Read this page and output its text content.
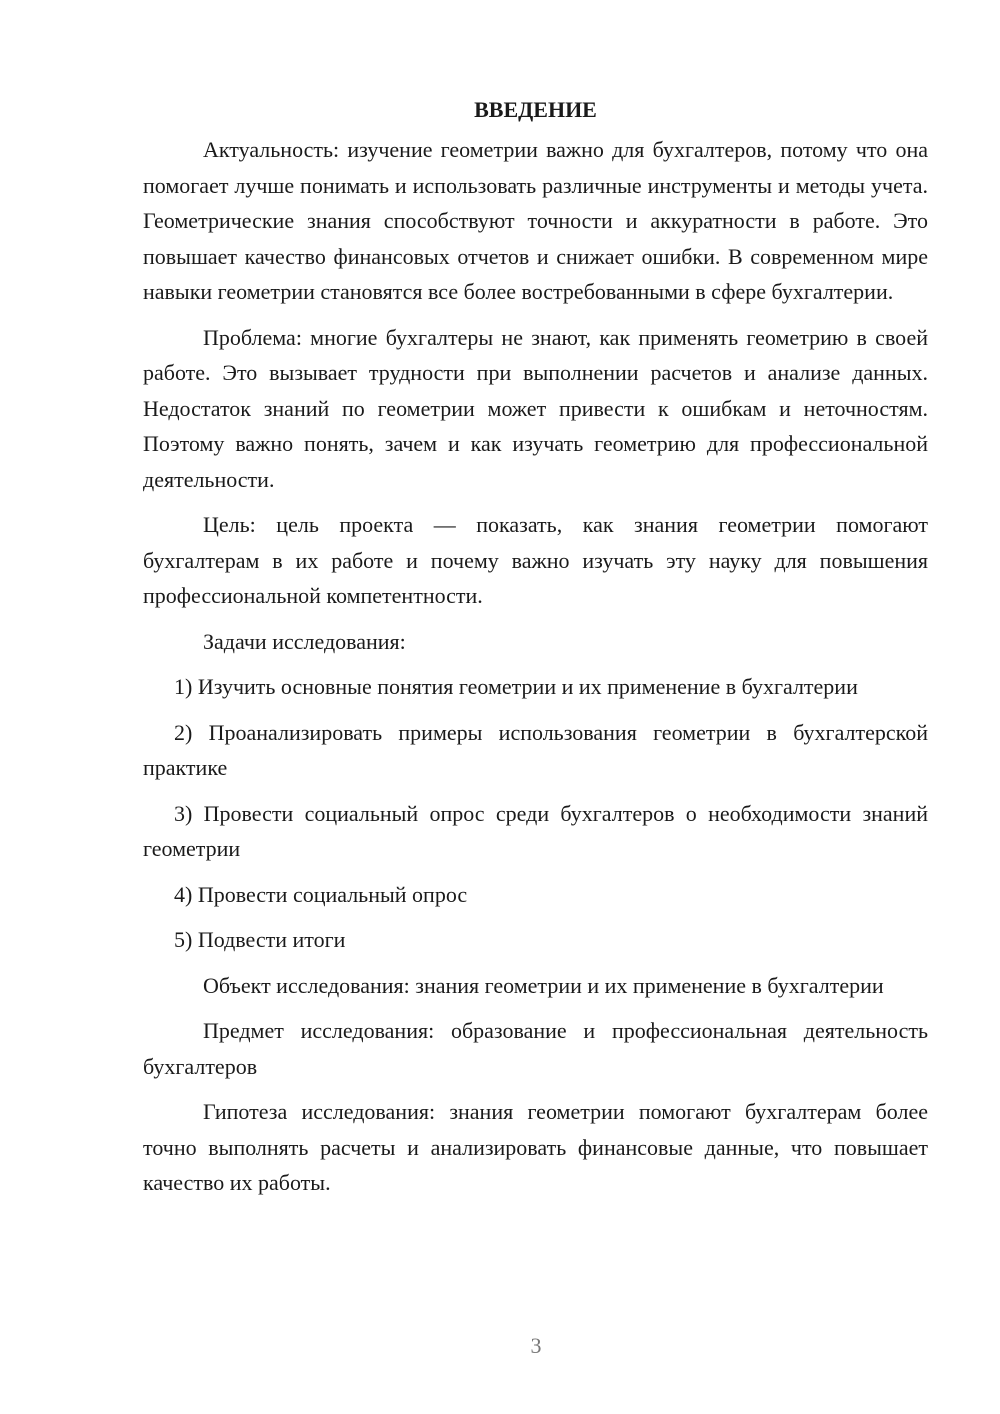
ВВЕДЕНИЕ

Актуальность: изучение геометрии важно для бухгалтеров, потому что она помогает лучше понимать и использовать различные инструменты и методы учета. Геометрические знания способствуют точности и аккуратности в работе. Это повышает качество финансовых отчетов и снижает ошибки. В современном мире навыки геометрии становятся все более востребованными в сфере бухгалтерии.

Проблема: многие бухгалтеры не знают, как применять геометрию в своей работе. Это вызывает трудности при выполнении расчетов и анализе данных. Недостаток знаний по геометрии может привести к ошибкам и неточностям. Поэтому важно понять, зачем и как изучать геометрию для профессиональной деятельности.

Цель: цель проекта — показать, как знания геометрии помогают бухгалтерам в их работе и почему важно изучать эту науку для повышения профессиональной компетентности.

Задачи исследования:

1) Изучить основные понятия геометрии и их применение в бухгалтерии

2) Проанализировать примеры использования геометрии в бухгалтерской практике

3) Провести социальный опрос среди бухгалтеров о необходимости знаний геометрии

4) Провести социальный опрос

5) Подвести итоги

Объект исследования: знания геометрии и их применение в бухгалтерии

Предмет исследования: образование и профессиональная деятельность бухгалтеров

Гипотеза исследования: знания геометрии помогают бухгалтерам более точно выполнять расчеты и анализировать финансовые данные, что повышает качество их работы.

3
